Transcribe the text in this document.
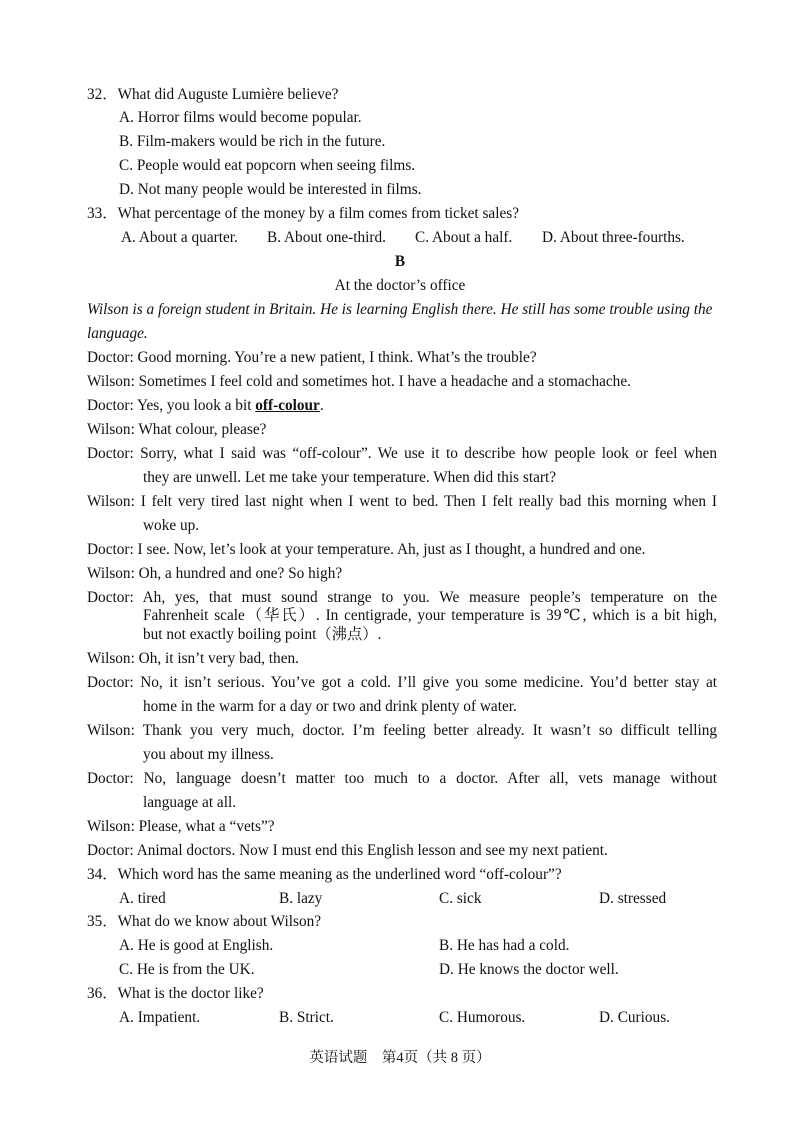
32．What did Auguste Lumière believe?
A. Horror films would become popular.
B. Film-makers would be rich in the future.
C. People would eat popcorn when seeing films.
D. Not many people would be interested in films.
33．What percentage of the money by a film comes from ticket sales?
A. About a quarter. B. About one-third. C. About a half. D. About three-fourths.
B
At the doctor’s office
Wilson is a foreign student in Britain. He is learning English there. He still has some trouble using the language.
Doctor: Good morning. You’re a new patient, I think. What’s the trouble?
Wilson: Sometimes I feel cold and sometimes hot. I have a headache and a stomachache.
Doctor: Yes, you look a bit off-colour.
Wilson: What colour, please?
Doctor: Sorry, what I said was “off-colour”. We use it to describe how people look or feel when
they are unwell. Let me take your temperature. When did this start?
Wilson: I felt very tired last night when I went to bed. Then I felt really bad this morning when I
woke up.
Doctor: I see. Now, let’s look at your temperature. Ah, just as I thought, a hundred and one.
Wilson: Oh, a hundred and one? So high?
Doctor: Ah, yes, that must sound strange to you. We measure people’s temperature on the
Fahrenheit scale（华氏）. In centigrade, your temperature is 39℃, which is a bit high,
but not exactly boiling point（沸点）.
Wilson: Oh, it isn’t very bad, then.
Doctor: No, it isn’t serious. You’ve got a cold. I’ll give you some medicine. You’d better stay at
home in the warm for a day or two and drink plenty of water.
Wilson: Thank you very much, doctor. I’m feeling better already. It wasn’t so difficult telling
you about my illness.
Doctor: No, language doesn’t matter too much to a doctor. After all, vets manage without
language at all.
Wilson: Please, what a “vets”?
Doctor: Animal doctors. Now I must end this English lesson and see my next patient.
34．Which word has the same meaning as the underlined word “off-colour”?
A. tired	B. lazy	C. sick	D. stressed
35．What do we know about Wilson?
A. He is good at English.	B. He has had a cold.
C. He is from the UK.	D. He knows the doctor well.
36．What is the doctor like?
A. Impatient.	B. Strict.	C. Humorous.	D. Curious.
英语试题　第4页（共 8 页）
